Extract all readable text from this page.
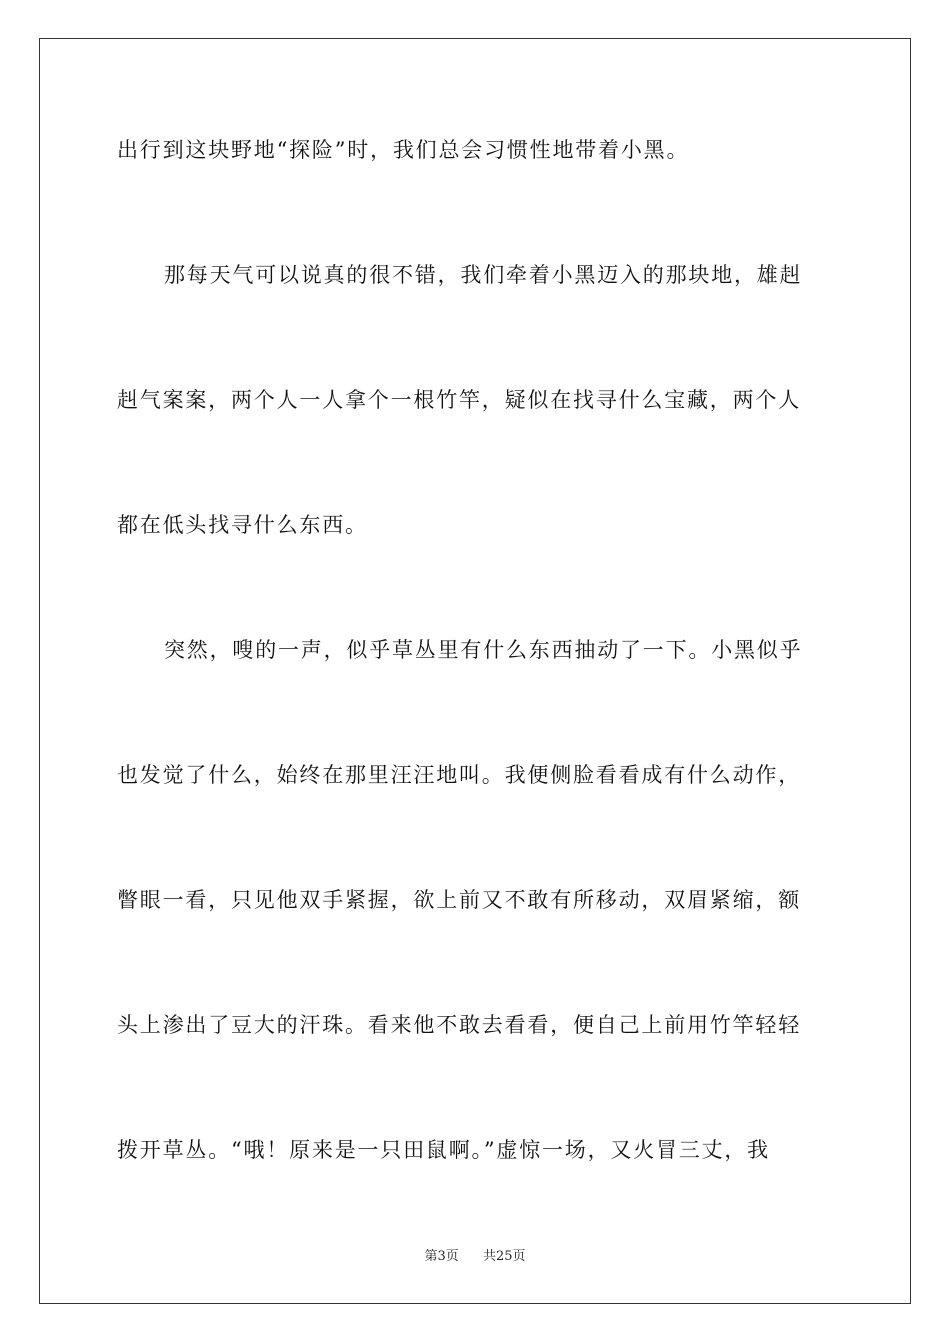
出行到这块野地“探险”时，我们总会习惯性地带着小黑。
那每天气可以说真的很不错，我们牵着小黑迈入的那块地，雄赳
赳气案案，两个人一人拿个一根竹竿，疑似在找寻什么宝藏，两个人
都在低头找寻什么东西。
突然，嗖的一声，似乎草丛里有什么东西抽动了一下。小黑似乎
也发觉了什么，始终在那里汪汪地叫。我便侧脸看看成有什么动作，
瞥眼一看，只见他双手紧握，欲上前又不敢有所移动，双眉紧缩，额
头上渗出了豆大的汗珠。看来他不敢去看看，便自己上前用竹竿轻轻
拨开草丛。“哦！原来是一只田鼠啊。”虚惊一场，又火冒三丈，我
第3页 共25页
